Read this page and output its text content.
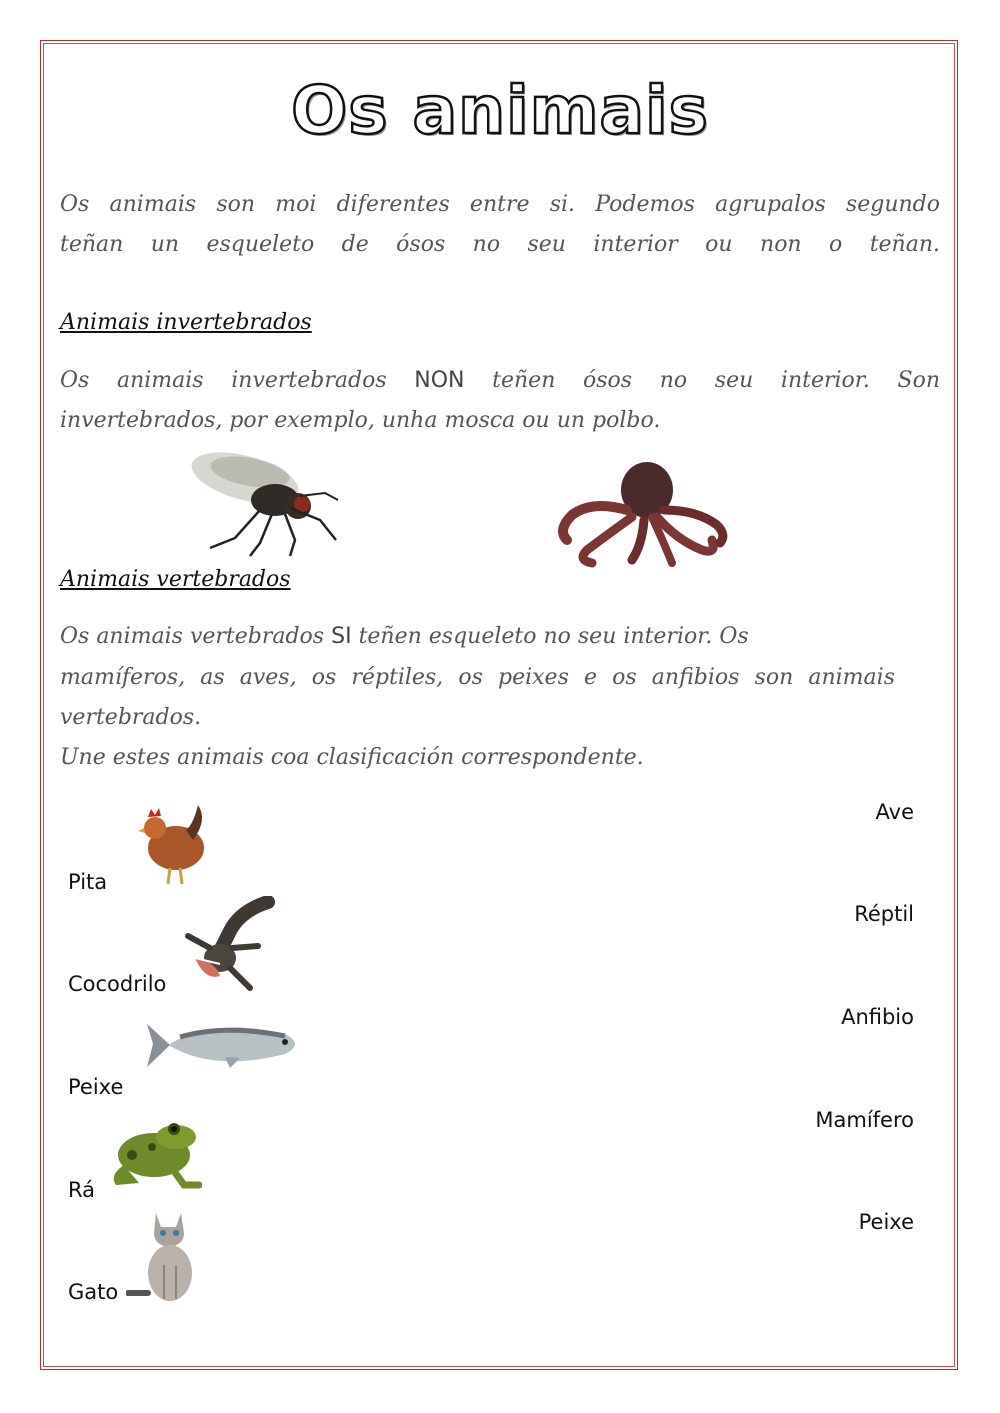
Os animais
Os animais son moi diferentes entre si. Podemos agrupalos segundo
teñan un esqueleto de ósos no seu interior ou non o teñan.
Animais invertebrados
Os animais invertebrados NON teñen ósos no seu interior. Son
invertebrados, por exemplo, unha mosca ou un polbo.
Animais vertebrados
Os animais vertebrados SI teñen esqueleto no seu interior. Os
mamíferos, as aves, os réptiles, os peixes e os anfibios son animais
vertebrados.
Une estes animais coa clasificación correspondente.
Pita
Cocodrilo
Peixe
Rá
Gato
Ave
Réptil
Anfibio
Mamífero
Peixe
